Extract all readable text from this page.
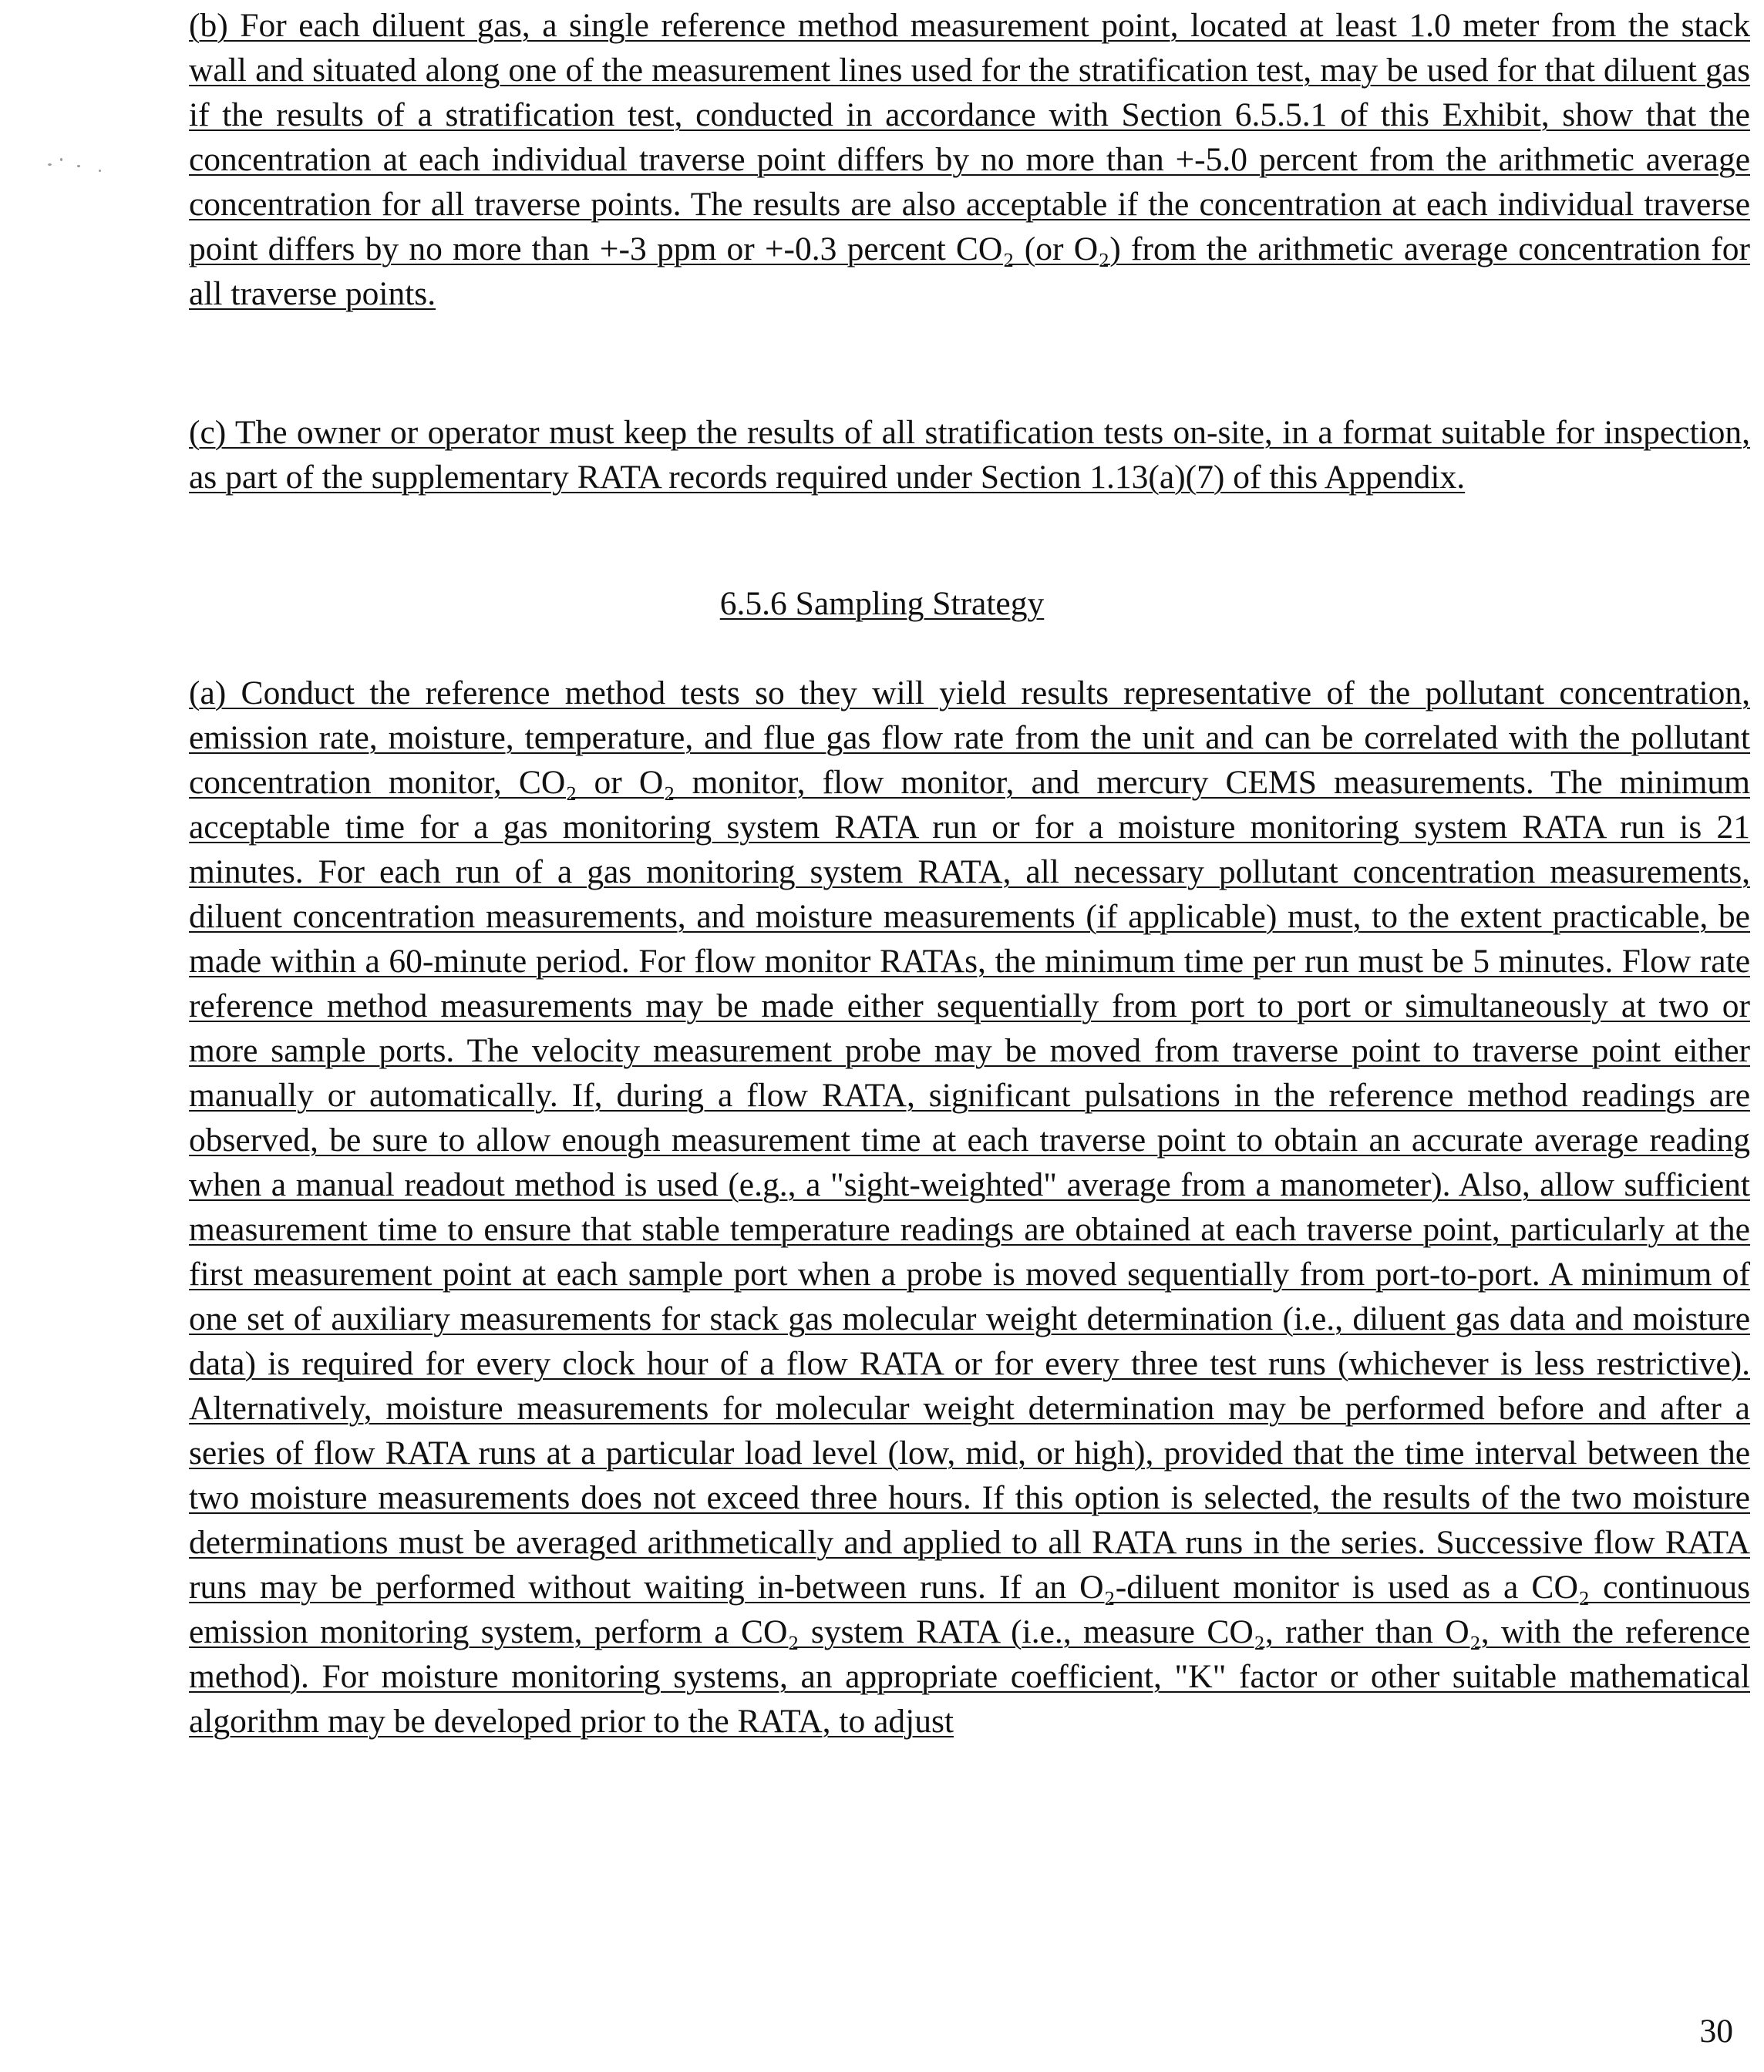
(b) For each diluent gas, a single reference method measurement point, located at least 1.0 meter from the stack wall and situated along one of the measurement lines used for the stratification test, may be used for that diluent gas if the results of a stratification test, conducted in accordance with Section 6.5.5.1 of this Exhibit, show that the concentration at each individual traverse point differs by no more than +-5.0 percent from the arithmetic average concentration for all traverse points. The results are also acceptable if the concentration at each individual traverse point differs by no more than +-3 ppm or +-0.3 percent CO₂ (or O₂) from the arithmetic average concentration for all traverse points.

(c) The owner or operator must keep the results of all stratification tests on-site, in a format suitable for inspection, as part of the supplementary RATA records required under Section 1.13(a)(7) of this Appendix.

6.5.6 Sampling Strategy

(a) Conduct the reference method tests so they will yield results representative of the pollutant concentration, emission rate, moisture, temperature, and flue gas flow rate from the unit and can be correlated with the pollutant concentration monitor, CO₂ or O₂ monitor, flow monitor, and mercury CEMS measurements. The minimum acceptable time for a gas monitoring system RATA run or for a moisture monitoring system RATA run is 21 minutes. For each run of a gas monitoring system RATA, all necessary pollutant concentration measurements, diluent concentration measurements, and moisture measurements (if applicable) must, to the extent practicable, be made within a 60-minute period. For flow monitor RATAs, the minimum time per run must be 5 minutes. Flow rate reference method measurements may be made either sequentially from port to port or simultaneously at two or more sample ports. The velocity measurement probe may be moved from traverse point to traverse point either manually or automatically. If, during a flow RATA, significant pulsations in the reference method readings are observed, be sure to allow enough measurement time at each traverse point to obtain an accurate average reading when a manual readout method is used (e.g., a "sight-weighted" average from a manometer). Also, allow sufficient measurement time to ensure that stable temperature readings are obtained at each traverse point, particularly at the first measurement point at each sample port when a probe is moved sequentially from port-to-port. A minimum of one set of auxiliary measurements for stack gas molecular weight determination (i.e., diluent gas data and moisture data) is required for every clock hour of a flow RATA or for every three test runs (whichever is less restrictive). Alternatively, moisture measurements for molecular weight determination may be performed before and after a series of flow RATA runs at a particular load level (low, mid, or high), provided that the time interval between the two moisture measurements does not exceed three hours. If this option is selected, the results of the two moisture determinations must be averaged arithmetically and applied to all RATA runs in the series. Successive flow RATA runs may be performed without waiting in-between runs. If an O₂-diluent monitor is used as a CO₂ continuous emission monitoring system, perform a CO₂ system RATA (i.e., measure CO₂, rather than O₂, with the reference method). For moisture monitoring systems, an appropriate coefficient, "K" factor or other suitable mathematical algorithm may be developed prior to the RATA, to adjust

30
